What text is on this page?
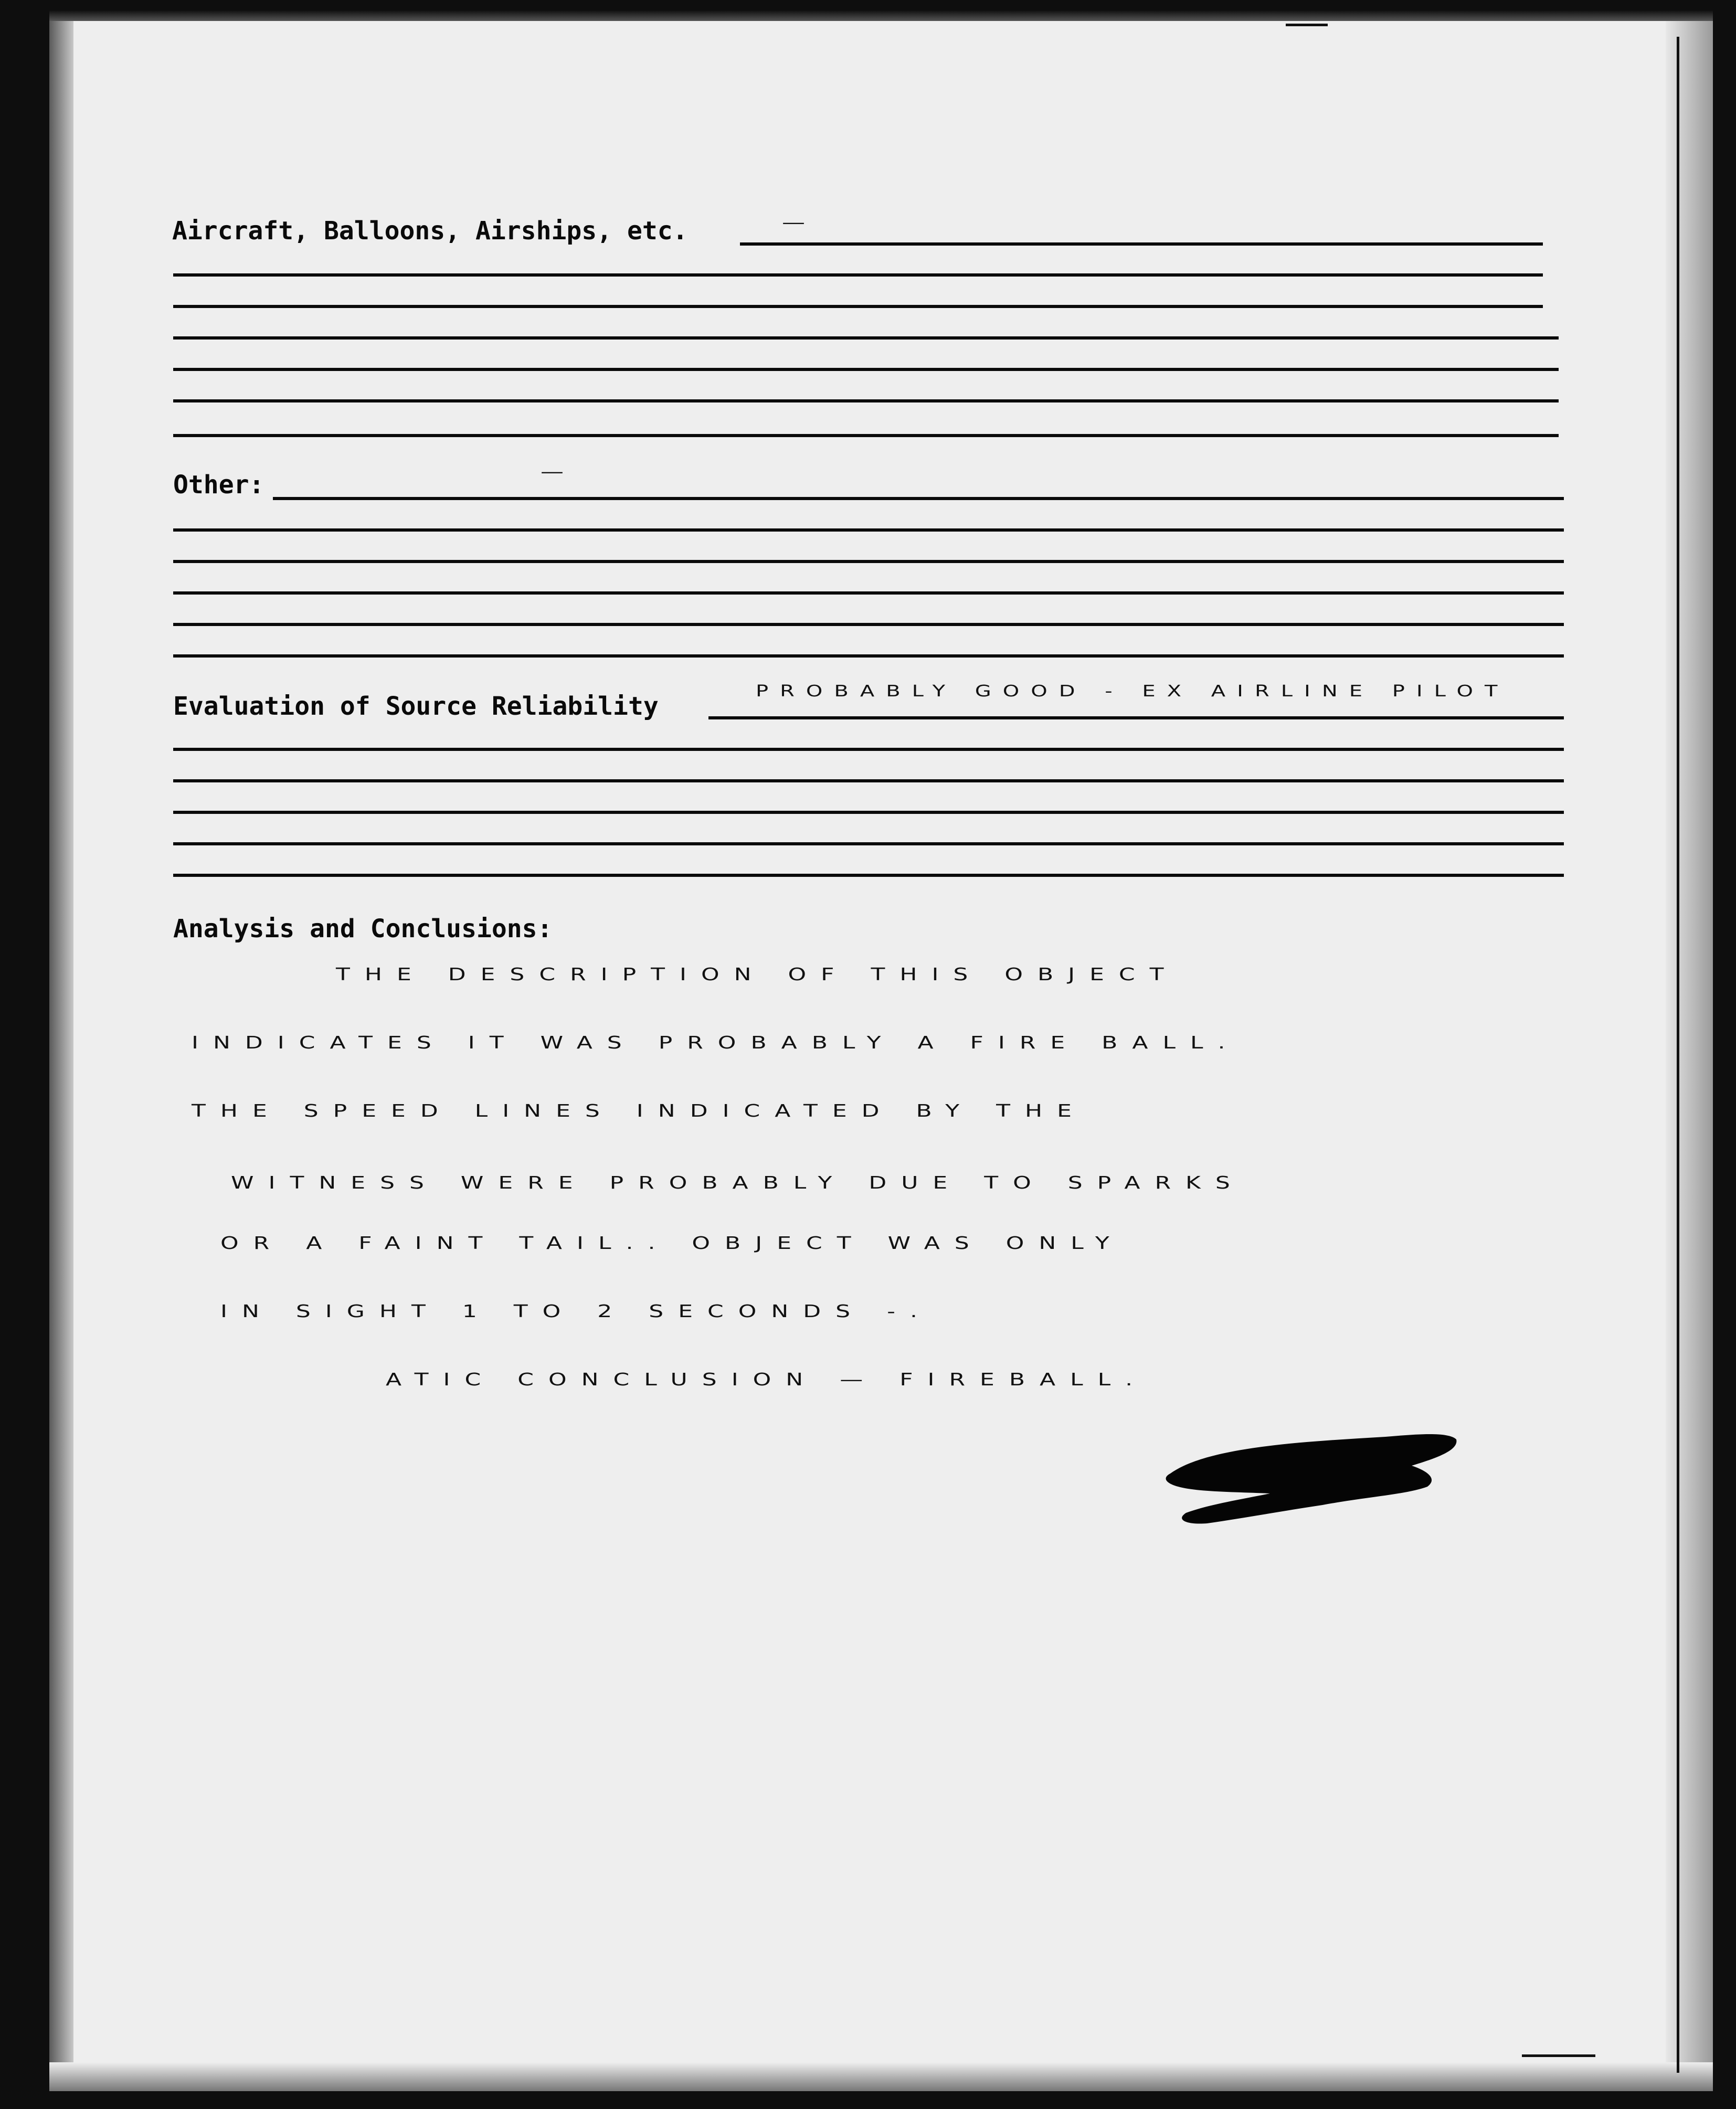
Aircraft, Balloons, Airships, etc.	—
Other:	—
Evaluation of Source Reliability
PROBABLY GOOD - EX AIRLINE PILOT
Analysis and Conclusions:
THE DESCRIPTION OF THIS OBJECT
INDICATES IT WAS PROBABLY A FIRE BALL.
THE SPEED LINES INDICATED BY THE
WITNESS WERE PROBABLY DUE TO SPARKS
OR A FAINT TAIL.. OBJECT WAS ONLY
IN SIGHT 1 TO 2 SECONDS -.
ATIC CONCLUSION — FIREBALL.
